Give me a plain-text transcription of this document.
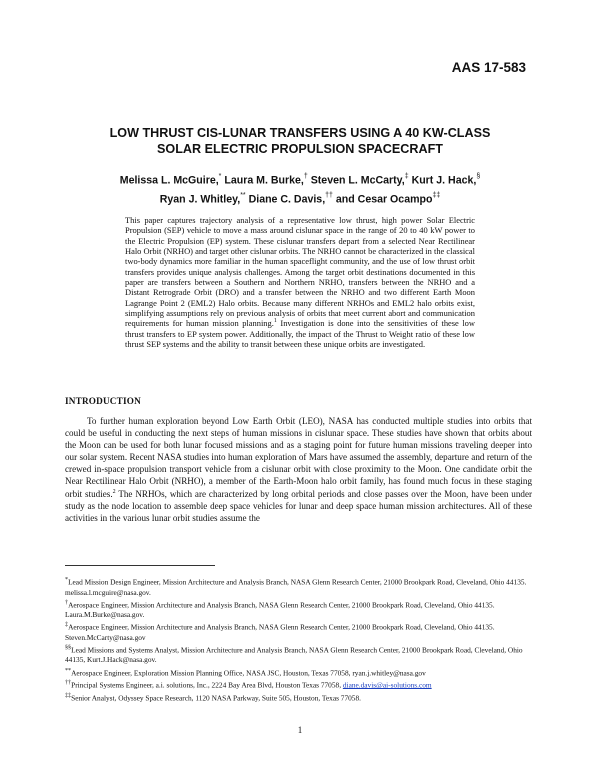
AAS 17-583
LOW THRUST CIS-LUNAR TRANSFERS USING A 40 KW-CLASS
SOLAR ELECTRIC PROPULSION SPACECRAFT
Melissa L. McGuire,* Laura M. Burke,† Steven L. McCarty,‡ Kurt J. Hack,§
Ryan J. Whitley,** Diane C. Davis,†† and Cesar Ocampo‡‡
This paper captures trajectory analysis of a representative low thrust, high power Solar Electric Propulsion (SEP) vehicle to move a mass around cislunar space in the range of 20 to 40 kW power to the Electric Propulsion (EP) system. These cislunar transfers depart from a selected Near Rectilinear Halo Orbit (NRHO) and target other cislunar orbits. The NRHO cannot be characterized in the classical two-body dynamics more familiar in the human spaceflight community, and the use of low thrust orbit transfers provides unique analysis challenges. Among the target orbit destinations documented in this paper are transfers between a Southern and Northern NRHO, transfers between the NRHO and a Distant Retrograde Orbit (DRO) and a transfer between the NRHO and two different Earth Moon Lagrange Point 2 (EML2) Halo orbits. Because many different NRHOs and EML2 halo orbits exist, simplifying assumptions rely on previous analysis of orbits that meet current abort and communication requirements for human mission planning.$^1$ Investigation is done into the sensitivities of these low thrust transfers to EP system power. Additionally, the impact of the Thrust to Weight ratio of these low thrust SEP systems and the ability to transit between these unique orbits are investigated.
INTRODUCTION
To further human exploration beyond Low Earth Orbit (LEO), NASA has conducted multiple studies into orbits that could be useful in conducting the next steps of human missions in cislunar space. These studies have shown that orbits about the Moon can be used for both lunar focused missions and as a staging point for future human missions traveling deeper into our solar system. Recent NASA studies into human exploration of Mars have assumed the assembly, departure and return of the crewed in-space propulsion transport vehicle from a cislunar orbit with close proximity to the Moon. One candidate orbit the Near Rectilinear Halo Orbit (NRHO), a member of the Earth-Moon halo orbit family, has found much focus in these staging orbit studies.$^2$ The NRHOs, which are characterized by long orbital periods and close passes over the Moon, have been under study as the node location to assemble deep space vehicles for lunar and deep space human mission architectures. All of these activities in the various lunar orbit studies assume the

*Lead Mission Design Engineer, Mission Architecture and Analysis Branch, NASA Glenn Research Center, 21000 Brookpark Road, Cleveland, Ohio 44135. melissa.l.mcguire@nasa.gov.

†Aerospace Engineer, Mission Architecture and Analysis Branch, NASA Glenn Research Center, 21000 Brookpark Road, Cleveland, Ohio 44135. Laura.M.Burke@nasa.gov.

‡Aerospace Engineer, Mission Architecture and Analysis Branch, NASA Glenn Research Center, 21000 Brookpark Road, Cleveland, Ohio 44135. Steven.McCarty@nasa.gov

§§Lead Missions and Systems Analyst, Mission Architecture and Analysis Branch, NASA Glenn Research Center, 21000 Brookpark Road, Cleveland, Ohio 44135, Kurt.J.Hack@nasa.gov.

**Aerospace Engineer, Exploration Mission Planning Office, NASA JSC, Houston, Texas 77058, ryan.j.whitley@nasa.gov

††Principal Systems Engineer, a.i. solutions, Inc., 2224 Bay Area Blvd, Houston Texas 77058, diane.davis@ai-solutions.com

‡‡Senior Analyst, Odyssey Space Research, 1120 NASA Parkway, Suite 505, Houston, Texas 77058.

1
